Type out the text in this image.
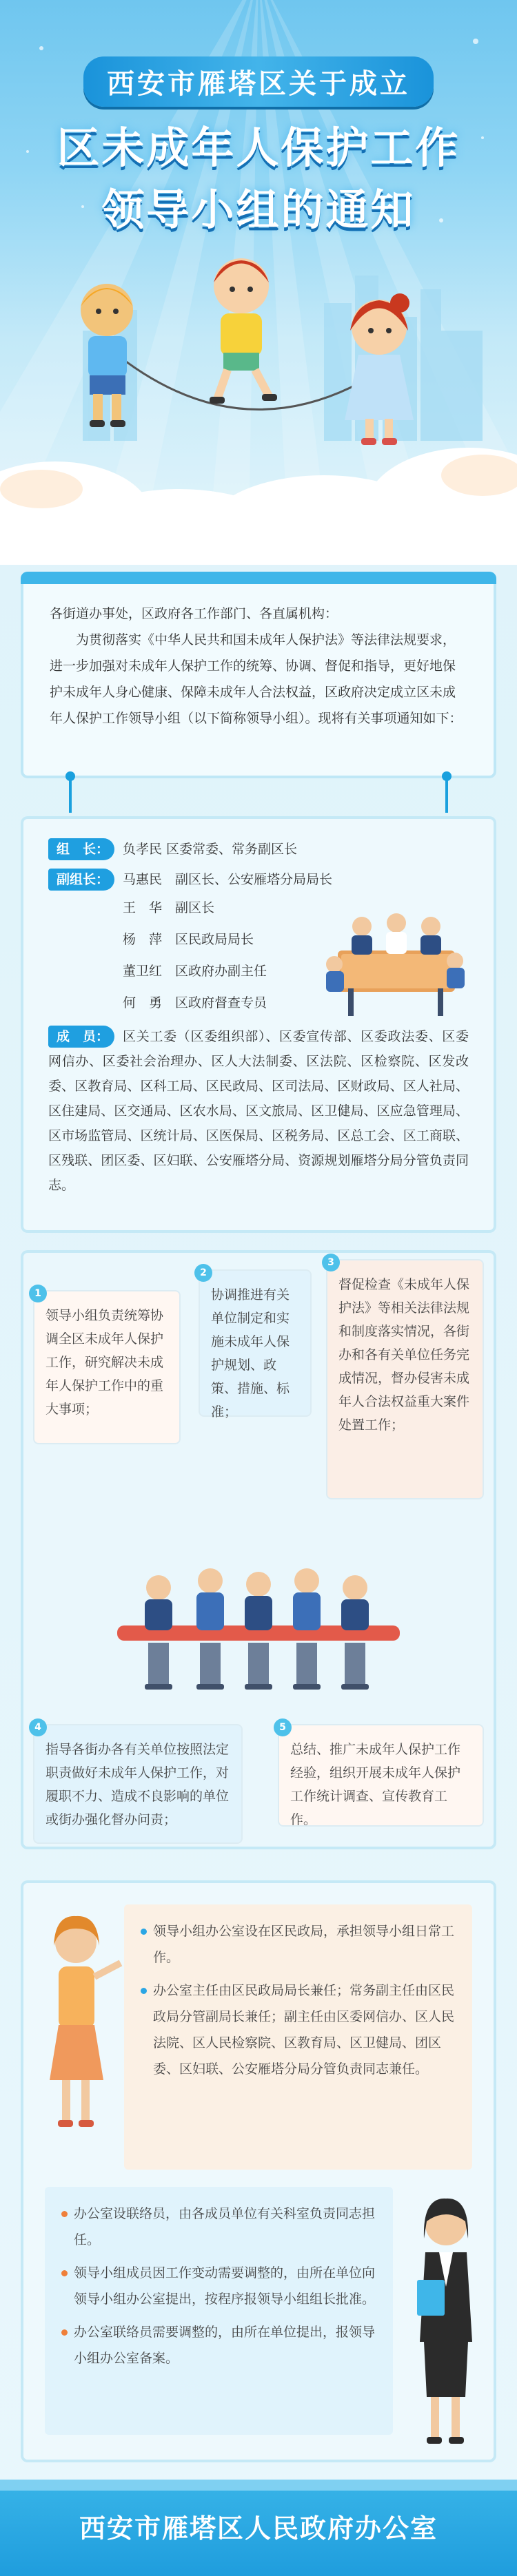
西安市雁塔区关于成立
区未成年人保护工作
领导小组的通知

各街道办事处，区政府各工作部门、各直属机构：

为贯彻落实《中华人民共和国未成年人保护法》等法律法规要求，进一步加强对未成年人保护工作的统筹、协调、督促和指导，更好地保护未成年人身心健康、保障未成年人合法权益，区政府决定成立区未成年人保护工作领导小组（以下简称领导小组）。现将有关事项通知如下：

组　长：	负孝民 区委常委、常务副区长
副组长：	马惠民　副区长、公安雁塔分局局长
王　华　副区长
杨　萍　区民政局局长
董卫红　区政府办副主任
何　勇　区政府督查专员
成　员：	区关工委（区委组织部）、区委宣传部、区委政法委、区委网信办、区委社会治理办、区人大法制委、区法院、区检察院、区发改委、区教育局、区科工局、区民政局、区司法局、区财政局、区人社局、区住建局、区交通局、区农水局、区文旅局、区卫健局、区应急管理局、区市场监管局、区统计局、区医保局、区税务局、区总工会、区工商联、区残联、团区委、区妇联、公安雁塔分局、资源规划雁塔分局分管负责同志。
1
领导小组负责统筹协调全区未成年人保护工作，研究解决未成年人保护工作中的重大事项；
2
协调推进有关单位制定和实施未成年人保护规划、政策、措施、标准；
3
督促检查《未成年人保护法》等相关法律法规和制度落实情况，各街办和各有关单位任务完成情况，督办侵害未成年人合法权益重大案件处置工作；
4
指导各街办各有关单位按照法定职责做好未成年人保护工作，对履职不力、造成不良影响的单位或街办强化督办问责；
5
总结、推广未成年人保护工作经验，组织开展未成年人保护工作统计调查、宣传教育工作。
领导小组办公室设在区民政局，承担领导小组日常工作。
办公室主任由区民政局局长兼任；常务副主任由区民政局分管副局长兼任；副主任由区委网信办、区人民法院、区人民检察院、区教育局、区卫健局、团区委、区妇联、公安雁塔分局分管负责同志兼任。
办公室设联络员，由各成员单位有关科室负责同志担任。
领导小组成员因工作变动需要调整的，由所在单位向领导小组办公室提出，按程序报领导小组组长批准。
办公室联络员需要调整的，由所在单位提出，报领导小组办公室备案。
西安市雁塔区人民政府办公室
